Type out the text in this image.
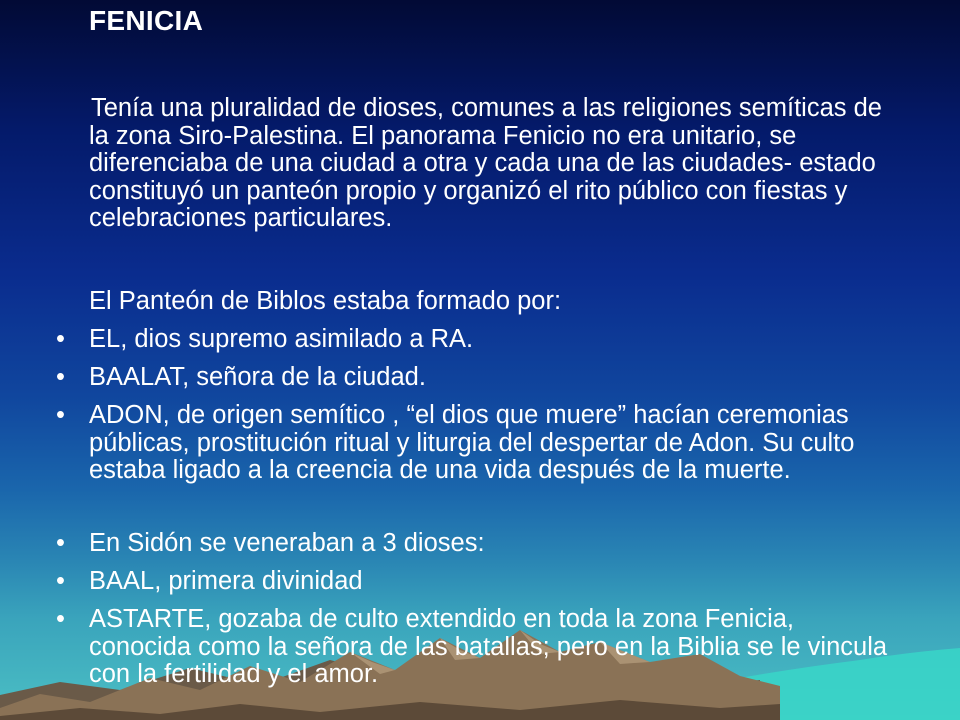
FENICIA
Tenía una pluralidad de dioses, comunes a las religiones semíticas de la zona Siro-Palestina. El panorama Fenicio no era unitario, se diferenciaba de una ciudad a otra y cada una de las ciudades- estado constituyó un panteón propio y organizó el rito público con fiestas y celebraciones particulares.
El Panteón de Biblos estaba formado por:
• EL, dios supremo asimilado a RA.
• BAALAT, señora de la ciudad.
• ADON, de origen semítico , “el dios que muere” hacían ceremonias públicas, prostitución ritual y liturgia del despertar de Adon. Su culto estaba ligado a la creencia de una vida después de la muerte.
• En Sidón se veneraban a 3 dioses:
• BAAL, primera divinidad
• ASTARTE, gozaba de culto extendido en toda la zona Fenicia, conocida como la señora de las batallas; pero en la Biblia se le vincula con la fertilidad y el amor.
